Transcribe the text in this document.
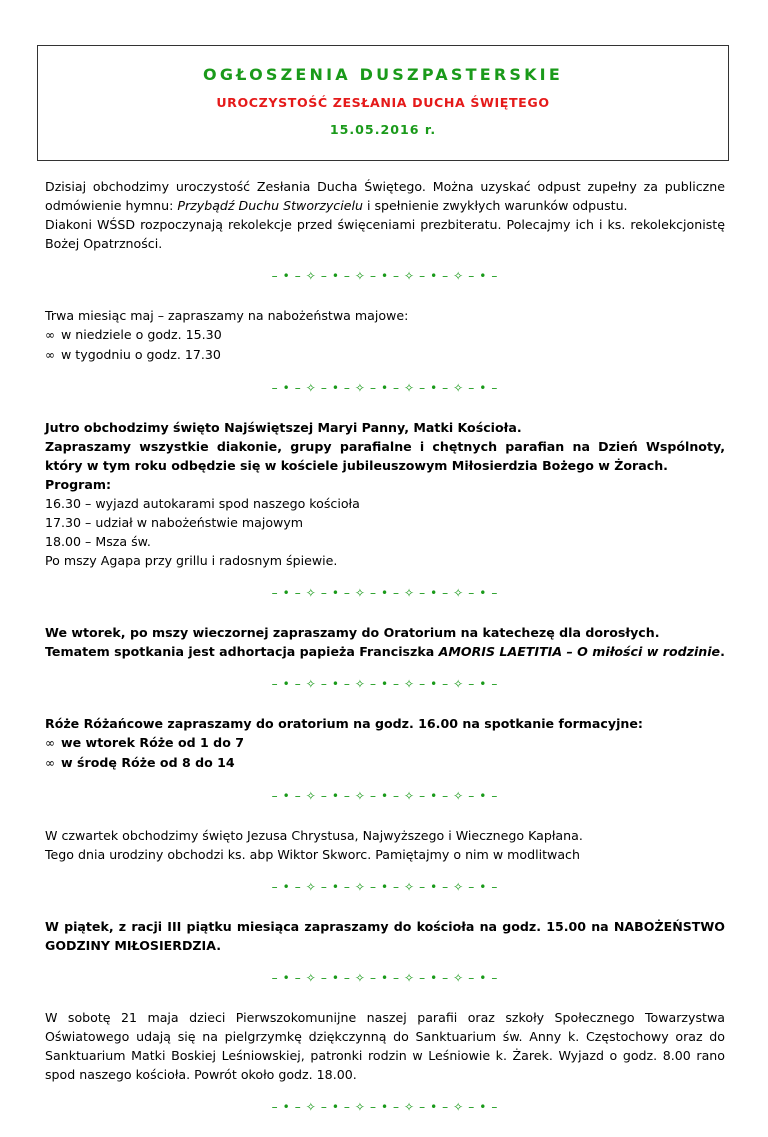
OGŁOSZENIA DUSZPASTERSKIE
UROCZYSTOŚĆ ZESŁANIA DUCHA ŚWIĘTEGO
15.05.2016 r.

Dzisiaj obchodzimy uroczystość Zesłania Ducha Świętego. Można uzyskać odpust zupełny za publiczne odmówienie hymnu: Przybądź Duchu Stworzycielu i spełnienie zwykłych warunków odpustu.

Diakoni WŚSD rozpoczynają rekolekcje przed święceniami prezbiteratu. Polecajmy ich i ks. rekolekcjonistę Bożej Opatrzności.

– • – ✧ – • – ✧ – • – ✧ – • – ✧ – • –

Trwa miesiąc maj – zapraszamy na nabożeństwa majowe:

∞ w niedziele o godz. 15.30

∞ w tygodniu o godz. 17.30

– • – ✧ – • – ✧ – • – ✧ – • – ✧ – • –

Jutro obchodzimy święto Najświętszej Maryi Panny, Matki Kościoła.

Zapraszamy wszystkie diakonie, grupy parafialne i chętnych parafian na Dzień Wspólnoty, który w tym roku odbędzie się w kościele jubileuszowym Miłosierdzia Bożego w Żorach.

Program:

16.30 – wyjazd autokarami spod naszego kościoła

17.30 – udział w nabożeństwie majowym

18.00 – Msza św.

Po mszy Agapa przy grillu i radosnym śpiewie.

– • – ✧ – • – ✧ – • – ✧ – • – ✧ – • –

We wtorek, po mszy wieczornej zapraszamy do Oratorium na katechezę dla dorosłych.

Tematem spotkania jest adhortacja papieża Franciszka AMORIS LAETITIA – O miłości w rodzinie.

– • – ✧ – • – ✧ – • – ✧ – • – ✧ – • –

Róże Różańcowe zapraszamy do oratorium na godz. 16.00 na spotkanie formacyjne:

∞ we wtorek Róże od 1 do 7

∞ w środę Róże od 8 do 14

– • – ✧ – • – ✧ – • – ✧ – • – ✧ – • –

W czwartek obchodzimy święto Jezusa Chrystusa, Najwyższego i Wiecznego Kapłana.

Tego dnia urodziny obchodzi ks. abp Wiktor Skworc. Pamiętajmy o nim w modlitwach

– • – ✧ – • – ✧ – • – ✧ – • – ✧ – • –

W piątek, z racji III piątku miesiąca zapraszamy do kościoła na godz. 15.00 na NABOŻEŃSTWO GODZINY MIŁOSIERDZIA.

– • – ✧ – • – ✧ – • – ✧ – • – ✧ – • –

W sobotę 21 maja dzieci Pierwszokomunijne naszej parafii oraz szkoły Społecznego Towarzystwa Oświatowego udają się na pielgrzymkę dziękczynną do Sanktuarium św. Anny k. Częstochowy oraz do Sanktuarium Matki Boskiej Leśniowskiej, patronki rodzin w Leśniowie k. Żarek. Wyjazd o godz. 8.00 rano spod naszego kościoła. Powrót około godz. 18.00.

– • – ✧ – • – ✧ – • – ✧ – • – ✧ – • –
